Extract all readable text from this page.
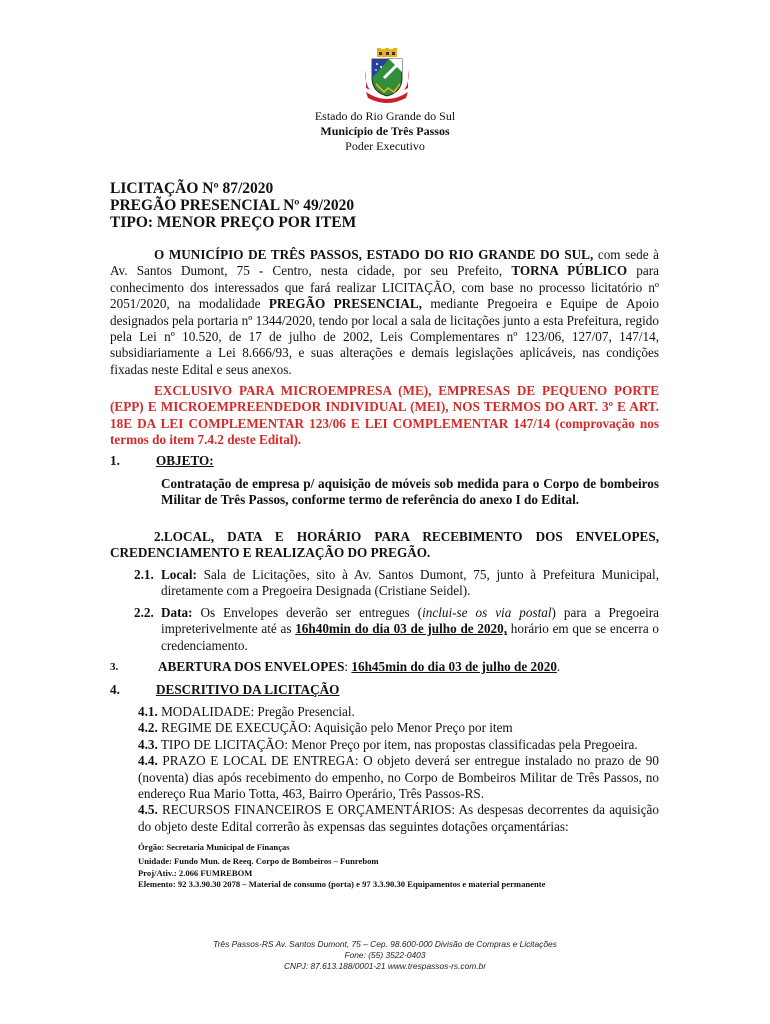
Estado do Rio Grande do Sul
Município de Três Passos
Poder Executivo
LICITAÇÃO Nº 87/2020
PREGÃO PRESENCIAL Nº 49/2020
TIPO: MENOR PREÇO POR ITEM
O MUNICÍPIO DE TRÊS PASSOS, ESTADO DO RIO GRANDE DO SUL, com sede à Av. Santos Dumont, 75 - Centro, nesta cidade, por seu Prefeito, TORNA PÚBLICO para conhecimento dos interessados que fará realizar LICITAÇÃO, com base no processo licitatório nº 2051/2020, na modalidade PREGÃO PRESENCIAL, mediante Pregoeira e Equipe de Apoio designados pela portaria nº 1344/2020, tendo por local a sala de licitações junto a esta Prefeitura, regido pela Lei nº 10.520, de 17 de julho de 2002, Leis Complementares nº 123/06, 127/07, 147/14, subsidiariamente a Lei 8.666/93, e suas alterações e demais legislações aplicáveis, nas condições fixadas neste Edital e seus anexos.
EXCLUSIVO PARA MICROEMPRESA (ME), EMPRESAS DE PEQUENO PORTE (EPP) E MICROEMPREENDEDOR INDIVIDUAL (MEI), NOS TERMOS DO ART. 3º E ART. 18E DA LEI COMPLEMENTAR 123/06 E LEI COMPLEMENTAR 147/14 (comprovação nos termos do item 7.4.2 deste Edital).
1.	OBJETO:
Contratação de empresa p/ aquisição de móveis sob medida para o Corpo de bombeiros Militar de Três Passos, conforme termo de referência do anexo I do Edital.
2.LOCAL, DATA E HORÁRIO PARA RECEBIMENTO DOS ENVELOPES, CREDENCIAMENTO E REALIZAÇÃO DO PREGÃO.
2.1. Local: Sala de Licitações, sito à Av. Santos Dumont, 75, junto à Prefeitura Municipal, diretamente com a Pregoeira Designada (Cristiane Seidel).
2.2. Data: Os Envelopes deverão ser entregues (inclui-se os via postal) para a Pregoeira impreterivelmente até as 16h40min do dia 03 de julho de 2020, horário em que se encerra o credenciamento.
3.	ABERTURA DOS ENVELOPES: 16h45min do dia 03 de julho de 2020.
4.	DESCRITIVO DA LICITAÇÃO
4.1. MODALIDADE: Pregão Presencial.
4.2. REGIME DE EXECUÇÃO: Aquisição pelo Menor Preço por item
4.3. TIPO DE LICITAÇÃO: Menor Preço por item, nas propostas classificadas pela Pregoeira.
4.4. PRAZO E LOCAL DE ENTREGA: O objeto deverá ser entregue instalado no prazo de 90 (noventa) dias após recebimento do empenho, no Corpo de Bombeiros Militar de Três Passos, no endereço Rua Mario Totta, 463, Bairro Operário, Três Passos-RS.
4.5. RECURSOS FINANCEIROS E ORÇAMENTÁRIOS: As despesas decorrentes da aquisição do objeto deste Edital correrão às expensas das seguintes dotações orçamentárias:
Órgão: Secretaria Municipal de Finanças
Unidade: Fundo Mun. de Reeq. Corpo de Bombeiros – Funrebom
Proj/Ativ.: 2.066 FUMREBOM
Elemento: 92 3.3.90.30 2078 – Material de consumo (porta) e 97 3.3.90.30 Equipamentos e material permanente
Três Passos-RS Av. Santos Dumont, 75 – Cep. 98.600-000 Divisão de Compras e Licitações
Fone: (55) 3522-0403
CNPJ: 87.613.188/0001-21 www.trespassos-rs.com.br
